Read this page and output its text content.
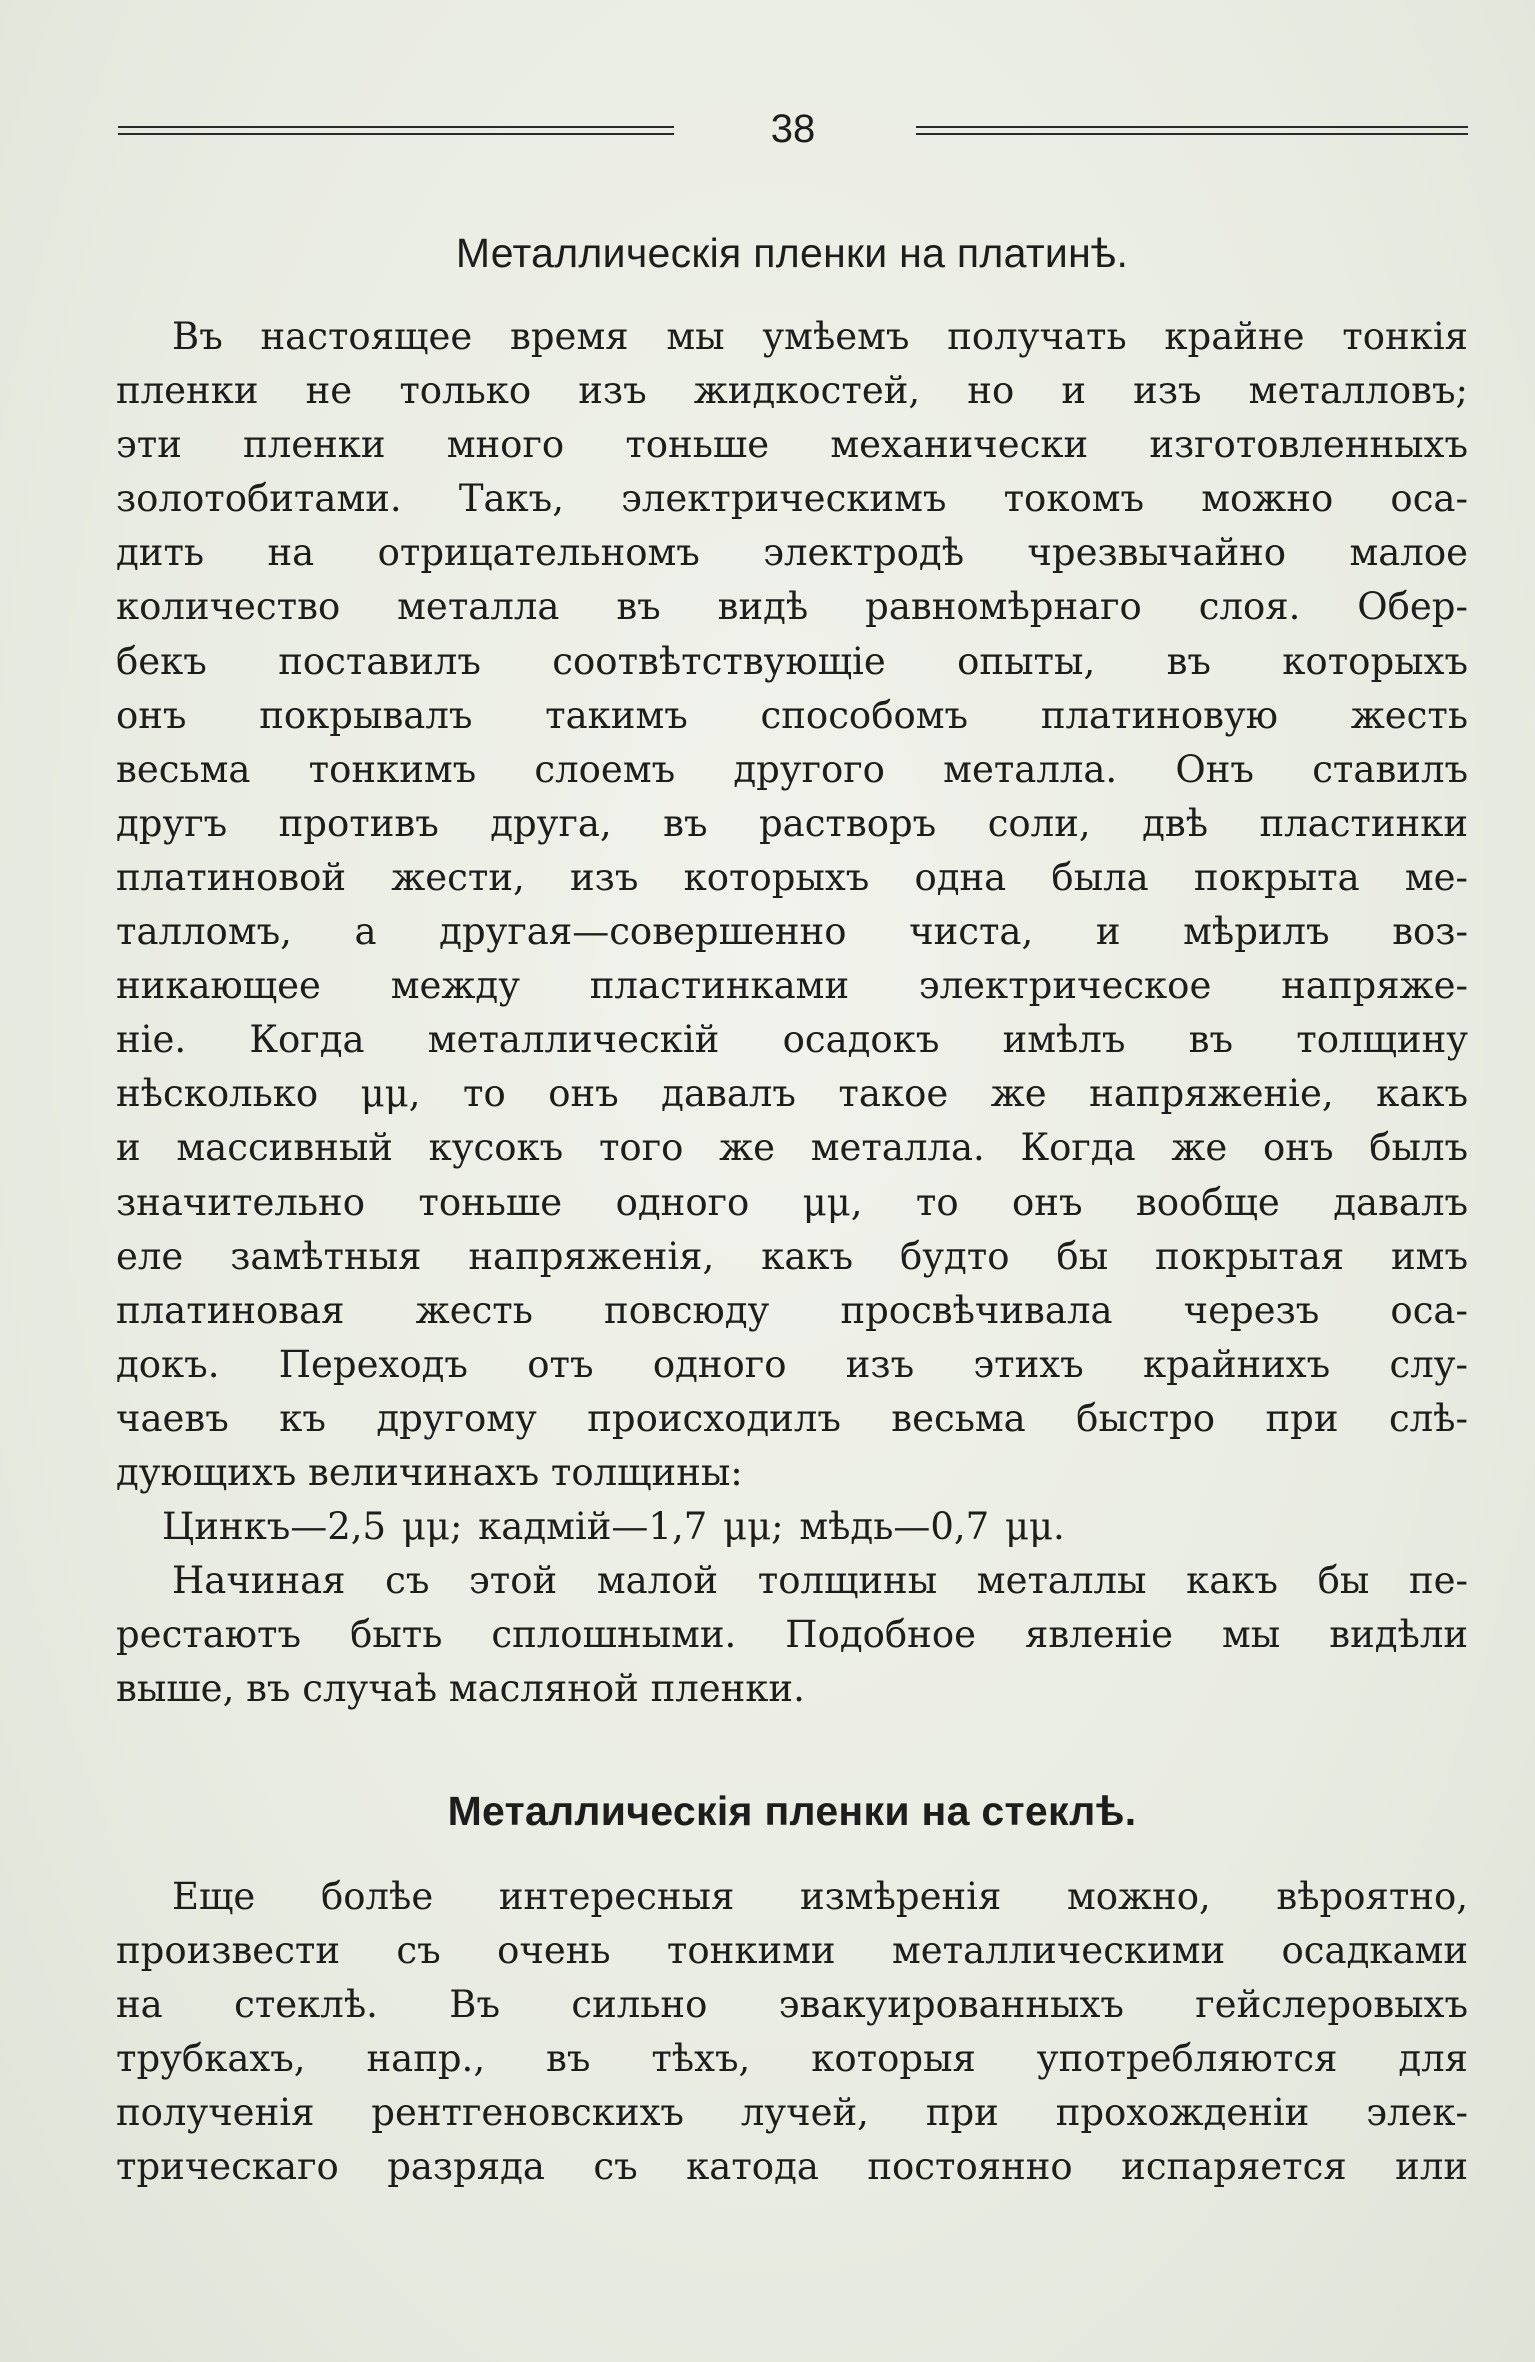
38
Металлическія пленки на платинѣ.
Въ настоящее время мы умѣемъ получать крайне тонкія
пленки не только изъ жидкостей, но и изъ металловъ;
эти пленки много тоньше механически изготовленныхъ
золотобитами. Такъ, электрическимъ токомъ можно оса-
дить на отрицательномъ электродѣ чрезвычайно малое
количество металла въ видѣ равномѣрнаго слоя. Обер-
бекъ поставилъ соотвѣтствующіе опыты, въ которыхъ
онъ покрывалъ такимъ способомъ платиновую жесть
весьма тонкимъ слоемъ другого металла. Онъ ставилъ
другъ противъ друга, въ растворъ соли, двѣ пластинки
платиновой жести, изъ которыхъ одна была покрыта ме-
талломъ, а другая—совершенно чиста, и мѣрилъ воз-
никающее между пластинками электрическое напряже-
ніе. Когда металлическій осадокъ имѣлъ въ толщину
нѣсколько μμ, то онъ давалъ такое же напряженіе, какъ
и массивный кусокъ того же металла. Когда же онъ былъ
значительно тоньше одного μμ, то онъ вообще давалъ
еле замѣтныя напряженія, какъ будто бы покрытая имъ
платиновая жесть повсюду просвѣчивала черезъ оса-
докъ. Переходъ отъ одного изъ этихъ крайнихъ слу-
чаевъ къ другому происходилъ весьма быстро при слѣ-
дующихъ величинахъ толщины:
Цинкъ—2,5 μμ; кадмій—1,7 μμ; мѣдь—0,7 μμ.
Начиная съ этой малой толщины металлы какъ бы пе-
рестаютъ быть сплошными. Подобное явленіе мы видѣли
выше, въ случаѣ масляной пленки.
Металлическія пленки на стеклѣ.
Еще болѣе интересныя измѣренія можно, вѣроятно,
произвести съ очень тонкими металлическими осадками
на стеклѣ. Въ сильно эвакуированныхъ гейслеровыхъ
трубкахъ, напр., въ тѣхъ, которыя употребляются для
полученія рентгеновскихъ лучей, при прохожденіи элек-
трическаго разряда съ катода постоянно испаряется или
